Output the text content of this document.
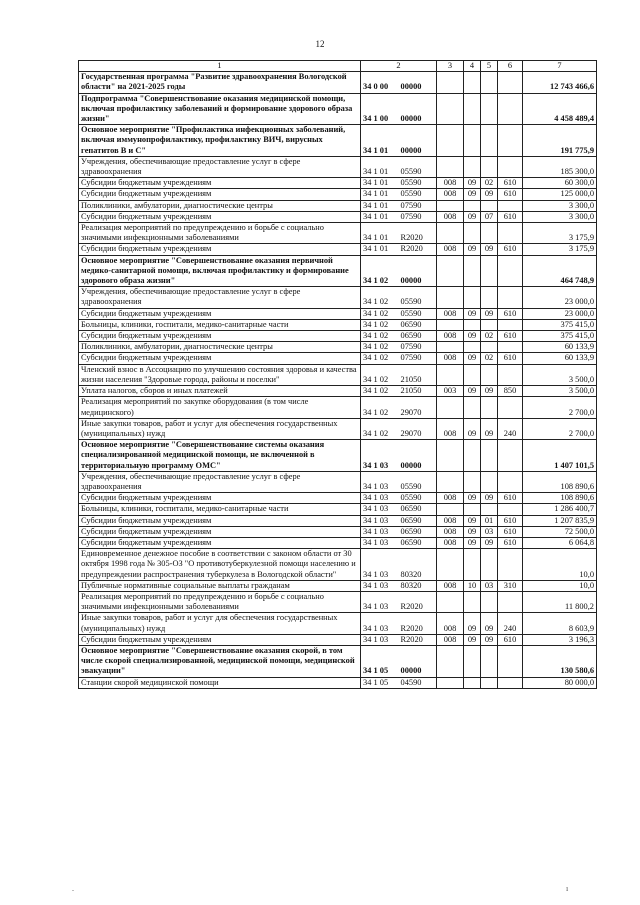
12
1	2		3	4	5	6	7
Государственная программа "Развитие здравоохранения Вологодской области" на 2021-2025 годы	34 0 00	00000					12 743 466,6
Подпрограмма "Совершенствование оказания медицинской помощи, включая профилактику заболеваний и формирование здорового образа жизни"	34 1 00	00000					4 458 489,4
Основное мероприятие "Профилактика инфекционных заболеваний, включая иммунопрофилактику, профилактику ВИЧ, вирусных гепатитов В и С"	34 1 01	00000					191 775,9
Учреждения, обеспечивающие предоставление услуг в сфере здравоохранения	34 1 01	05590					185 300,0
Субсидии бюджетным учреждениям	34 1 01	05590	008	09	02	610	60 300,0
Субсидии бюджетным учреждениям	34 1 01	05590	008	09	09	610	125 000,0
Поликлиники, амбулатории, диагностические центры	34 1 01	07590					3 300,0
Субсидии бюджетным учреждениям	34 1 01	07590	008	09	07	610	3 300,0
Реализация мероприятий по предупреждению и борьбе с социально значимыми инфекционными заболеваниями	34 1 01	R2020					3 175,9
Субсидии бюджетным учреждениям	34 1 01	R2020	008	09	09	610	3 175,9
Основное мероприятие "Совершенствование оказания первичной медико-санитарной помощи, включая профилактику и формирование здорового образа жизни"	34 1 02	00000					464 748,9
Учреждения, обеспечивающие предоставление услуг в сфере здравоохранения	34 1 02	05590					23 000,0
Субсидии бюджетным учреждениям	34 1 02	05590	008	09	09	610	23 000,0
Больницы, клиники, госпитали, медико-санитарные части	34 1 02	06590					375 415,0
Субсидии бюджетным учреждениям	34 1 02	06590	008	09	02	610	375 415,0
Поликлиники, амбулатории, диагностические центры	34 1 02	07590					60 133,9
Субсидии бюджетным учреждениям	34 1 02	07590	008	09	02	610	60 133,9
Членский взнос в Ассоциацию по улучшению состояния здоровья и качества жизни населения "Здоровые города, районы и поселки"	34 1 02	21050					3 500,0
Уплата налогов, сборов и иных платежей	34 1 02	21050	003	09	09	850	3 500,0
Реализация мероприятий по закупке оборудования (в том числе медицинского)	34 1 02	29070					2 700,0
Иные закупки товаров, работ и услуг для обеспечения государственных (муниципальных) нужд	34 1 02	29070	008	09	09	240	2 700,0
Основное мероприятие "Совершенствование системы оказания специализированной медицинской помощи, не включенной в территориальную программу ОМС"	34 1 03	00000					1 407 101,5
Учреждения, обеспечивающие предоставление услуг в сфере здравоохранения	34 1 03	05590					108 890,6
Субсидии бюджетным учреждениям	34 1 03	05590	008	09	09	610	108 890,6
Больницы, клиники, госпитали, медико-санитарные части	34 1 03	06590					1 286 400,7
Субсидии бюджетным учреждениям	34 1 03	06590	008	09	01	610	1 207 835,9
Субсидии бюджетным учреждениям	34 1 03	06590	008	09	03	610	72 500,0
Субсидии бюджетным учреждениям	34 1 03	06590	008	09	09	610	6 064,8
Единовременное денежное пособие в соответствии с законом области от 30 октября 1998 года № 305-ОЗ "О противотуберкулезной помощи населению и предупреждении распространения туберкулеза в Вологодской области"	34 1 03	80320					10,0
Публичные нормативные социальные выплаты гражданам	34 1 03	80320	008	10	03	310	10,0
Реализация мероприятий по предупреждению и борьбе с социально значимыми инфекционными заболеваниями	34 1 03	R2020					11 800,2
Иные закупки товаров, работ и услуг для обеспечения государственных (муниципальных) нужд	34 1 03	R2020	008	09	09	240	8 603,9
Субсидии бюджетным учреждениям	34 1 03	R2020	008	09	09	610	3 196,3
Основное мероприятие "Совершенствование оказания скорой, в том числе скорой специализированной, медицинской помощи, медицинской эвакуации"	34 1 05	00000					130 580,6
Станции скорой медицинской помощи	34 1 05	04590					80 000,0
.	ı
